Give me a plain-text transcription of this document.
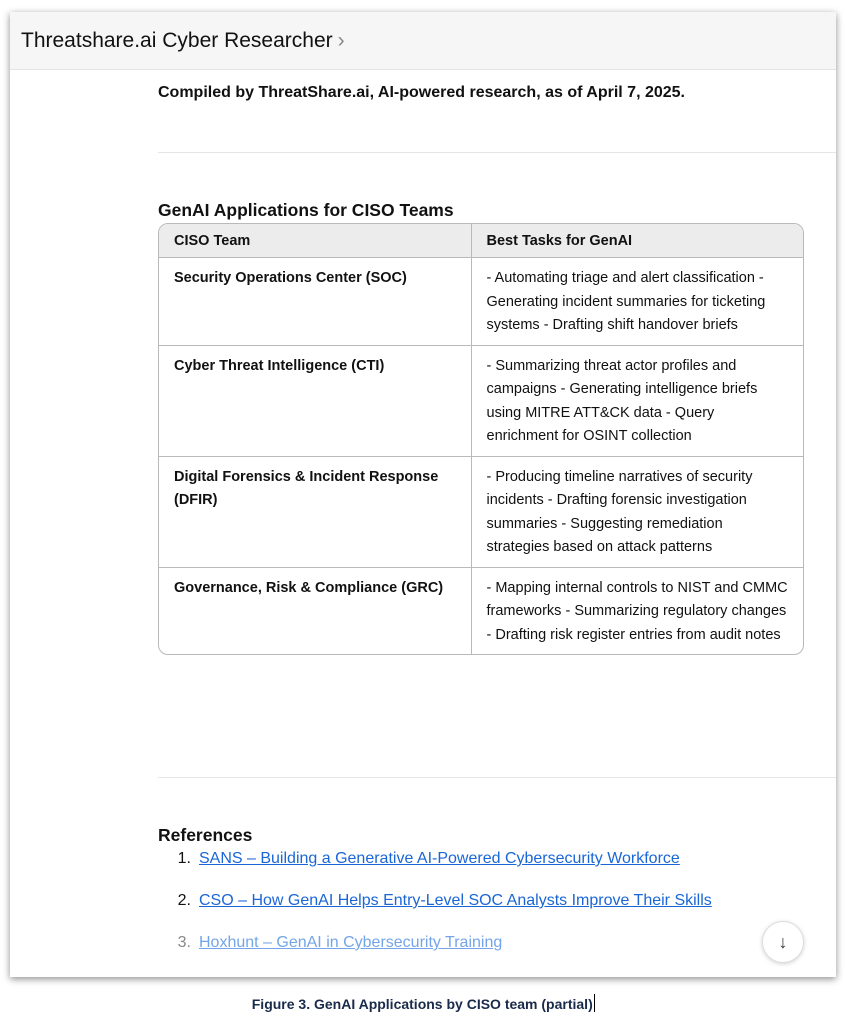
Threatshare.ai Cyber Researcher ›
Compiled by ThreatShare.ai, AI-powered research, as of April 7, 2025.
GenAI Applications for CISO Teams
CISO Team	Best Tasks for GenAI
Security Operations Center (SOC)	- Automating triage and alert classification - Generating incident summaries for ticketing systems - Drafting shift handover briefs
Cyber Threat Intelligence (CTI)	- Summarizing threat actor profiles and campaigns - Generating intelligence briefs using MITRE ATT&CK data - Query enrichment for OSINT collection
Digital Forensics & Incident Response (DFIR)	- Producing timeline narratives of security incidents - Drafting forensic investigation summaries - Suggesting remediation strategies based on attack patterns
Governance, Risk & Compliance (GRC)	- Mapping internal controls to NIST and CMMC frameworks - Summarizing regulatory changes - Drafting risk register entries from audit notes
References
1. SANS – Building a Generative AI-Powered Cybersecurity Workforce
2. CSO – How GenAI Helps Entry-Level SOC Analysts Improve Their Skills
3. Hoxhunt – GenAI in Cybersecurity Training	↓
Figure 3. GenAI Applications by CISO team (partial)
